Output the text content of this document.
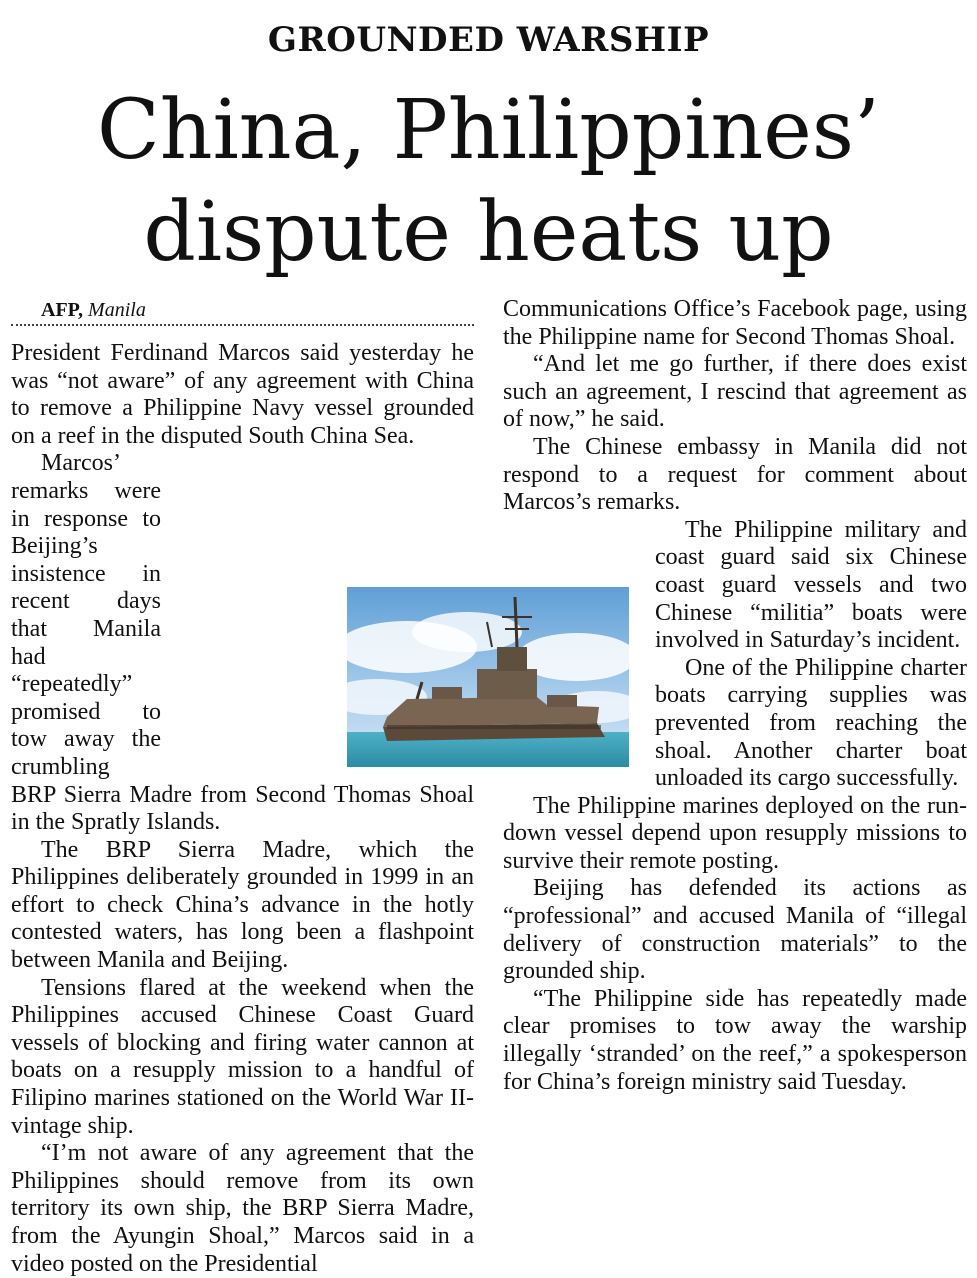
GROUNDED WARSHIP
China, Philippines’ dispute heats up

AFP, Manila

President Ferdinand Marcos said yesterday he was “not aware” of any agreement with China to remove a Philippine Navy vessel grounded on a reef in the disputed South China Sea.

Marcos’ remarks were in response to Beijing’s insistence in recent days that Manila had “repeatedly” promised to tow away the crumbling BRP Sierra Madre from Second Thomas Shoal in the Spratly Islands.

The BRP Sierra Madre, which the Philippines deliberately grounded in 1999 in an effort to check China’s advance in the hotly contested waters, has long been a flashpoint between Manila and Beijing.

Tensions flared at the weekend when the Philippines accused Chinese Coast Guard vessels of blocking and firing water cannon at boats on a resupply mission to a handful of Filipino marines stationed on the World War II-vintage ship.

“I’m not aware of any agreement that the Philippines should remove from its own territory its own ship, the BRP Sierra Madre, from the Ayungin Shoal,” Marcos said in a video posted on the Presidential

Communications Office’s Facebook page, using the Philippine name for Second Thomas Shoal.

“And let me go further, if there does exist such an agreement, I rescind that agreement as of now,” he said.

The Chinese embassy in Manila did not respond to a request for comment about Marcos’s remarks.

The Philippine military and coast guard said six Chinese coast guard vessels and two Chinese “militia” boats were involved in Saturday’s incident.

One of the Philippine charter boats carrying supplies was prevented from reaching the shoal. Another charter boat unloaded its cargo successfully.

The Philippine marines deployed on the run-down vessel depend upon resupply missions to survive their remote posting.

Beijing has defended its actions as “professional” and accused Manila of “illegal delivery of construction materials” to the grounded ship.

“The Philippine side has repeatedly made clear promises to tow away the warship illegally ‘stranded’ on the reef,” a spokesperson for China’s foreign ministry said Tuesday.
